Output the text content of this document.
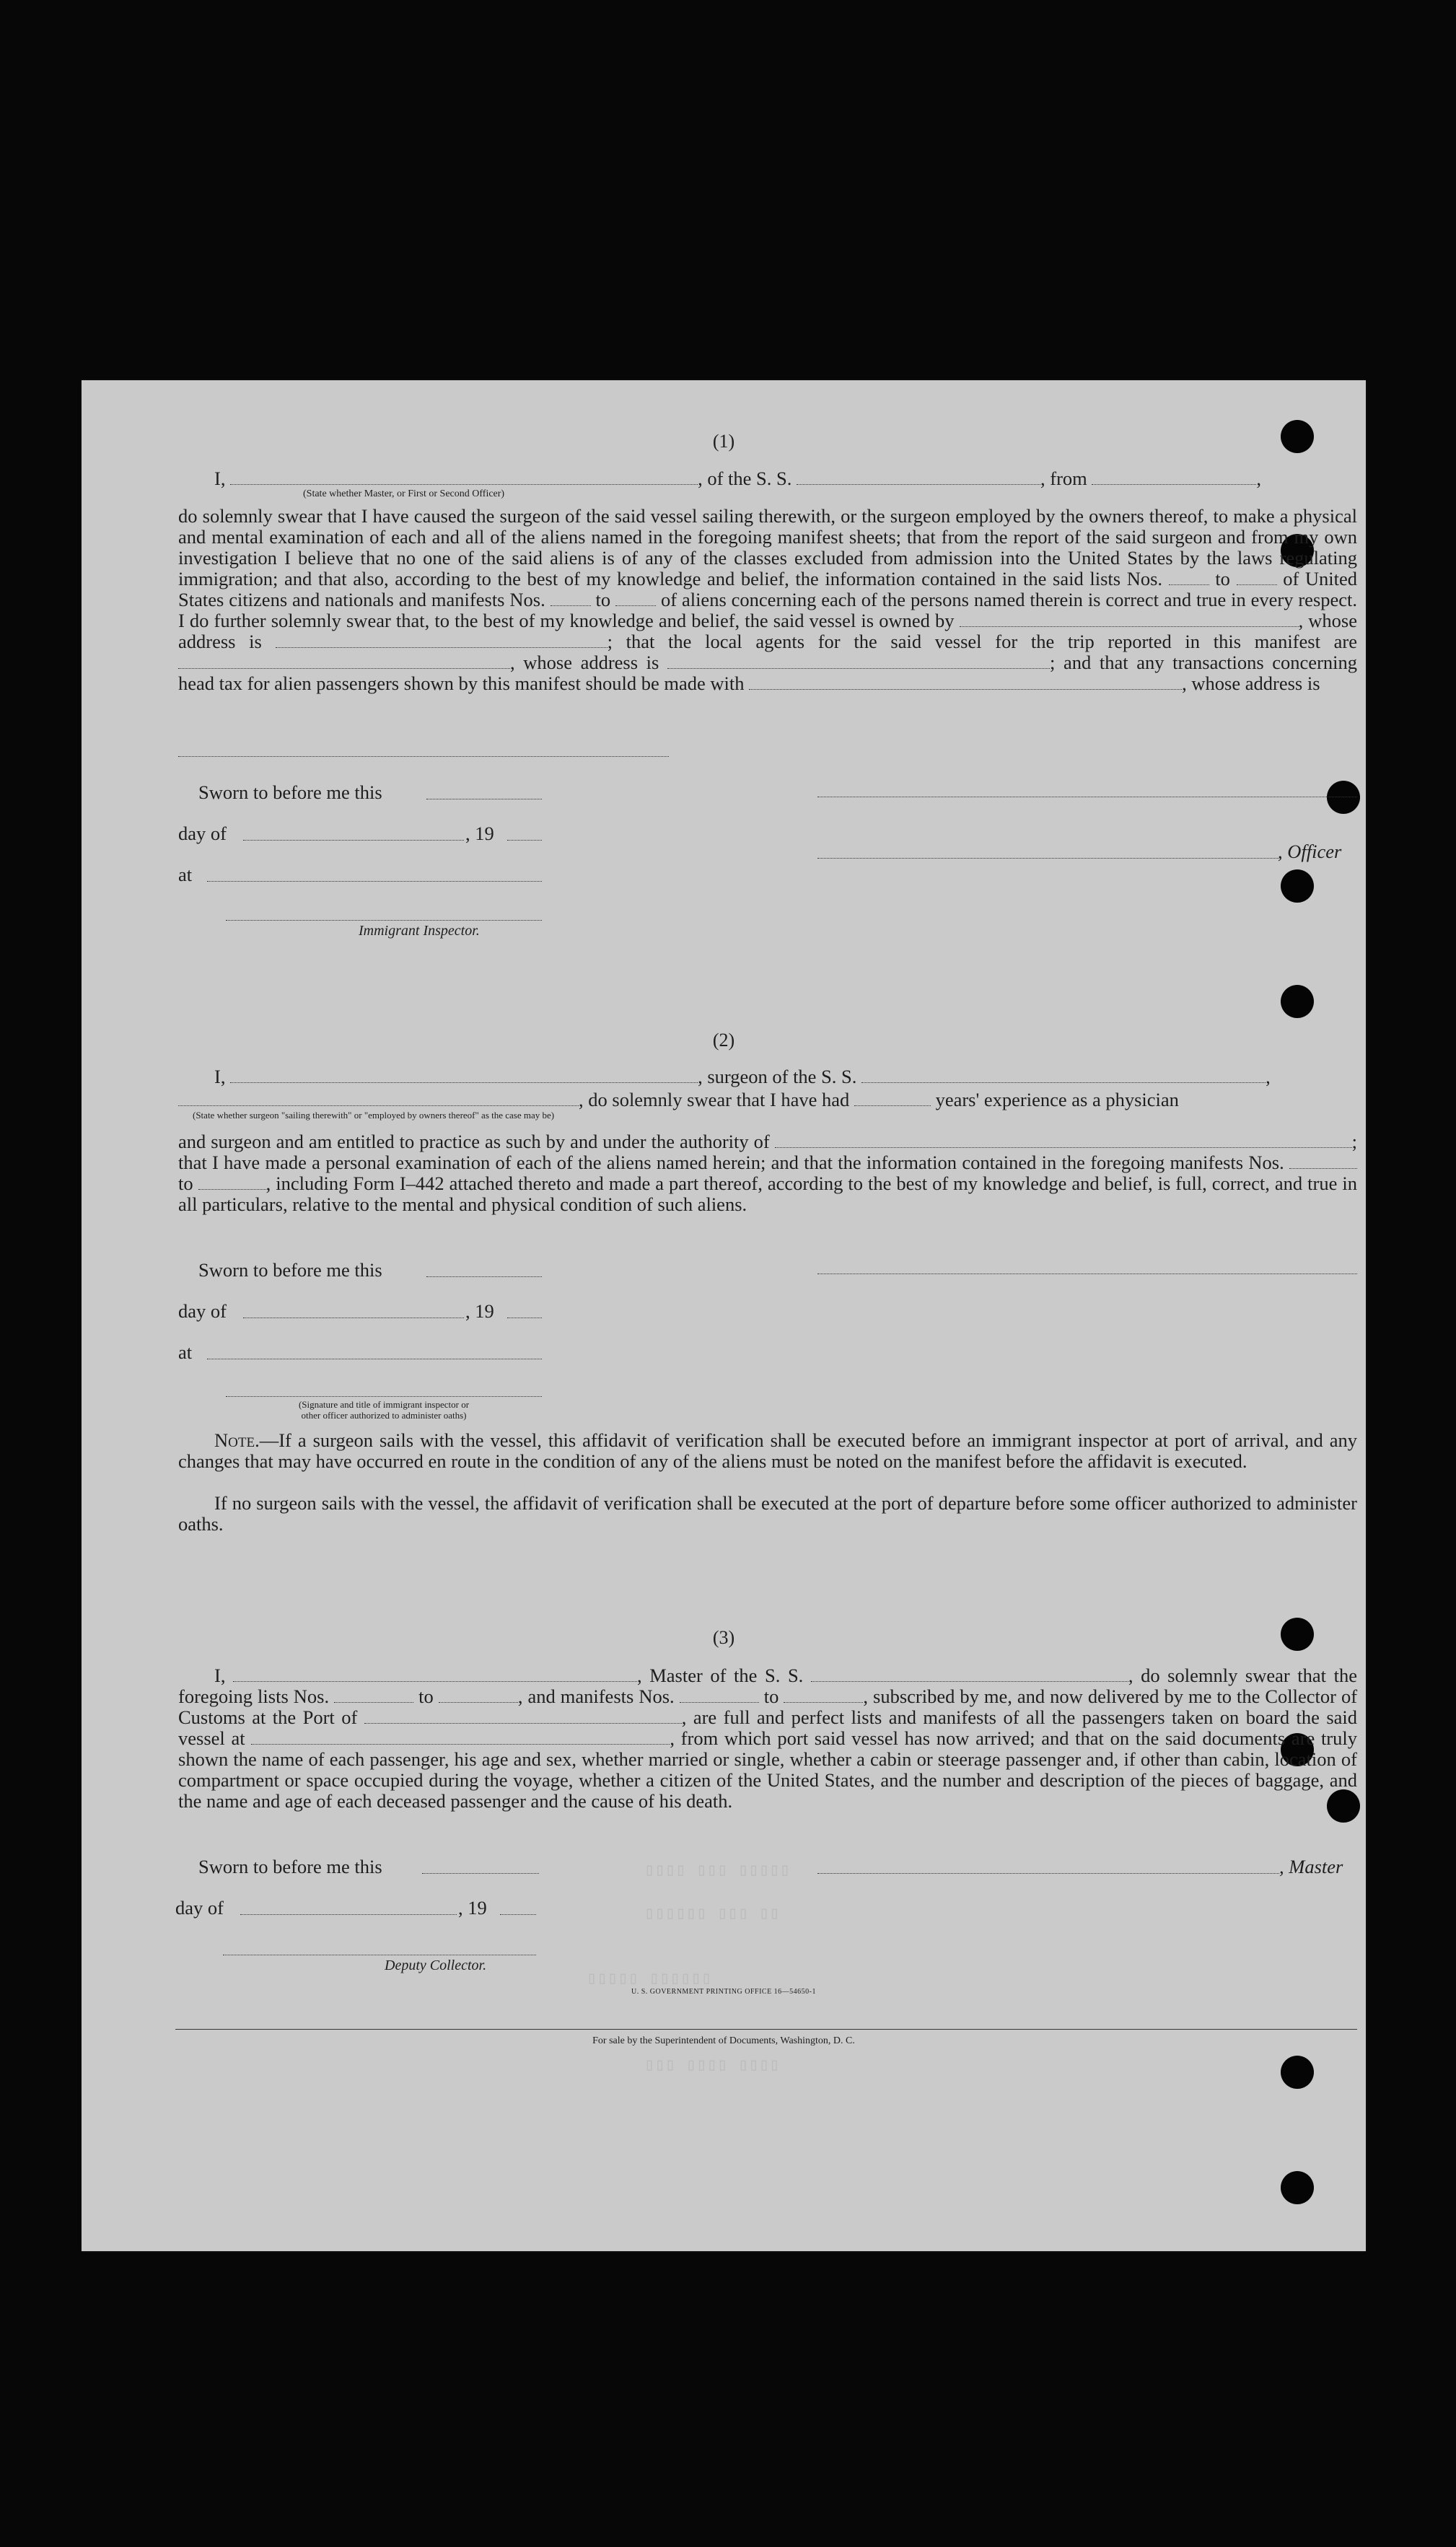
▯▯▯▯ ▯▯▯ ▯▯▯▯▯
▯▯▯▯▯▯ ▯▯▯ ▯▯
▯▯▯▯▯ ▯▯▯▯▯▯
▯▯▯ ▯▯▯▯ ▯▯▯▯
(1)
I,	, of the S. S.	, from	,
(State whether Master, or First or Second Officer)
do solemnly swear that I have caused the surgeon of the said vessel sailing therewith, or the surgeon employed by the owners thereof, to make a physical and mental examination of each and all of the aliens named in the foregoing manifest sheets; that from the report of the said surgeon and from my own investigation I believe that no one of the said aliens is of any of the classes excluded from admission into the United States by the laws regulating immigration; and that also, according to the best of my knowledge and belief, the information contained in the said lists Nos.	to	of United States citizens and nationals and manifests Nos.	to	of aliens concerning each of the persons named therein is correct and true in every respect. I do further solemnly swear that, to the best of my knowledge and belief, the said vessel is owned by	, whose address is	; that the local agents for the said vessel for the trip reported in this manifest are , whose address is	; and that any transactions concerning head tax for alien passengers shown by this manifest should be made with	, whose address is
Sworn to before me this
day of	, 19
, Officer
at
Immigrant Inspector.
(2)
I,	, surgeon of the S. S.	,
, do solemnly swear that I have had	years' experience as a physician
(State whether surgeon "sailing therewith" or "employed by owners thereof" as the case may be)
and surgeon and am entitled to practice as such by and under the authority of	; that I have made a personal examination of each of the aliens named herein; and that the information contained in the foregoing manifests Nos.  to	, including Form I–442 attached thereto and made a part thereof, according to the best of my knowledge and belief, is full, correct, and true in all particulars, relative to the mental and physical condition of such aliens.
Sworn to before me this
day of	, 19
at
(Signature and title of immigrant inspector or
other officer authorized to administer oaths)
Note.—If a surgeon sails with the vessel, this affidavit of verification shall be executed before an immigrant inspector at port of arrival, and any changes that may have occurred en route in the condition of any of the aliens must be noted on the manifest before the affidavit is executed.
If no surgeon sails with the vessel, the affidavit of verification shall be executed at the port of departure before some officer authorized to administer oaths.
(3)
I,	, Master of the S. S.	, do solemnly swear that the foregoing lists Nos.	to	, and manifests Nos.	to	, subscribed by me, and now delivered by me to the Collector of Customs at the Port of	, are full and perfect lists and manifests of all the passengers taken on board the said vessel at	, from which port said vessel has now arrived; and that on the said documents are truly shown the name of each passenger, his age and sex, whether married or single, whether a cabin or steerage passenger and, if other than cabin, location of compartment or space occupied during the voyage, whether a citizen of the United States, and the number and description of the pieces of baggage, and the name and age of each deceased passenger and the cause of his death.
Sworn to before me this	, Master
day of	, 19
Deputy Collector.
U. S. GOVERNMENT PRINTING OFFICE 16—54650-1
For sale by the Superintendent of Documents, Washington, D. C.
